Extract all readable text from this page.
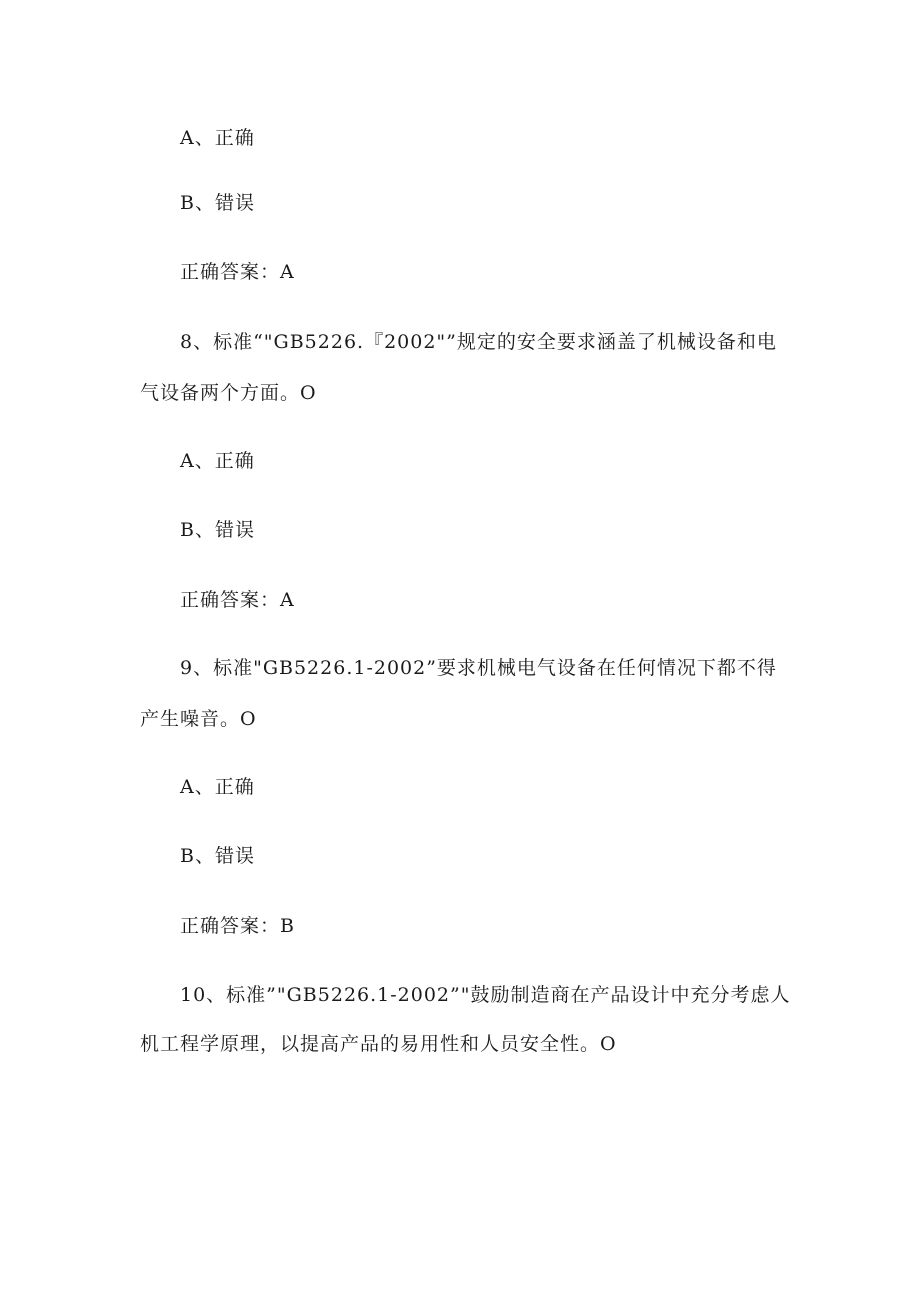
A、正确
B、错误
正确答案：A
8、标准“"GB5226.『2002"”规定的安全要求涵盖了机械设备和电
气设备两个方面。O
A、正确
B、错误
正确答案：A
9、标准"GB5226.1-2002”要求机械电气设备在任何情况下都不得
产生噪音。O
A、正确
B、错误
正确答案：B
10、标准”"GB5226.1-2002”"鼓励制造商在产品设计中充分考虑人
机工程学原理，以提高产品的易用性和人员安全性。O
